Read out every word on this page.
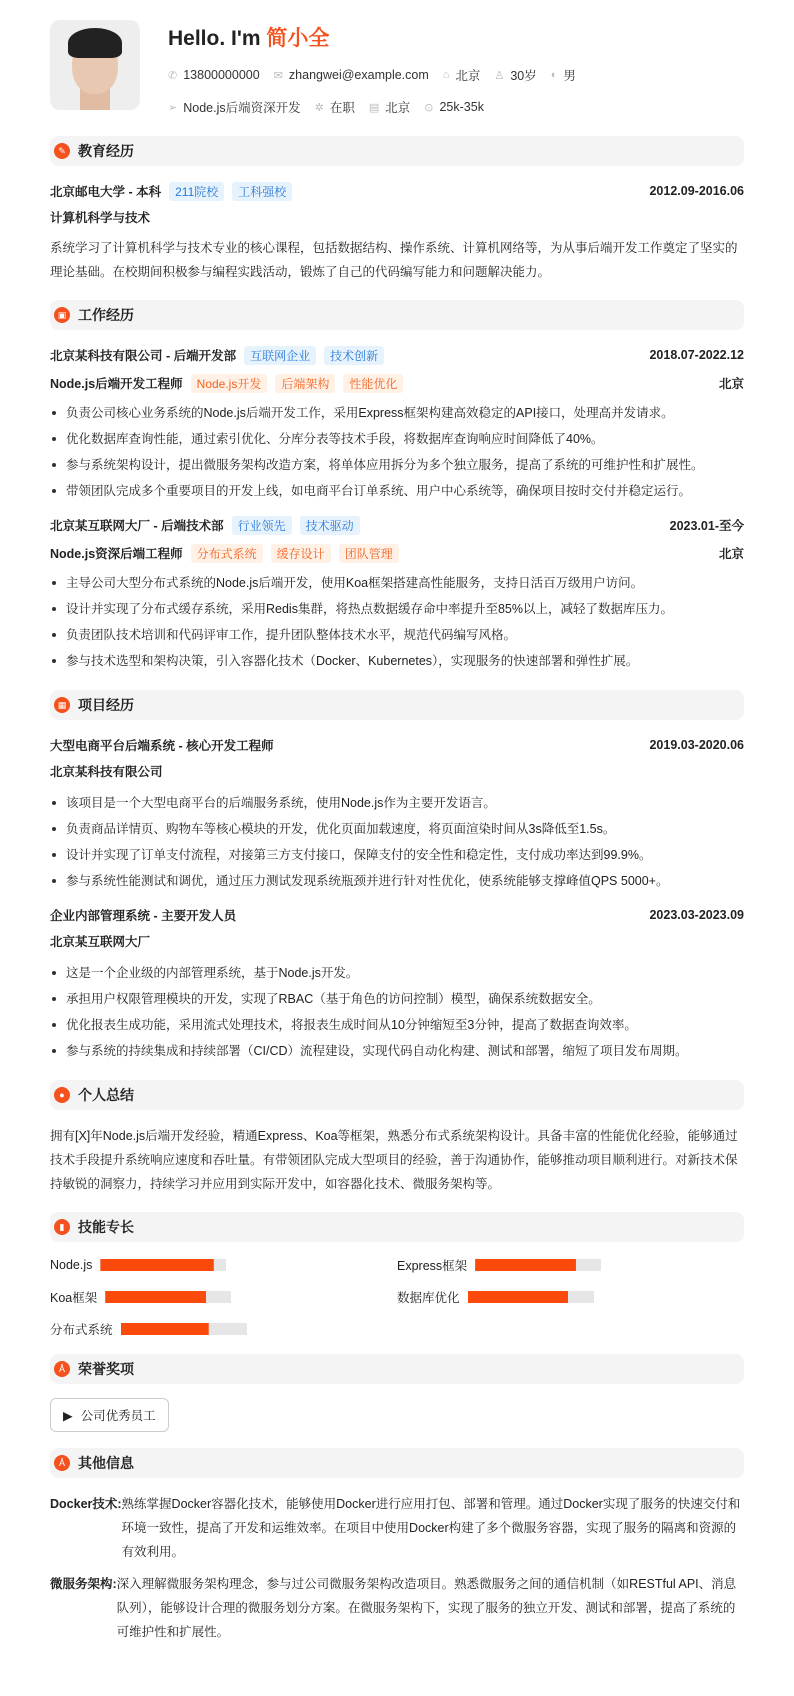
Hello. I'm 简小全
✆ 13800000000 ✉ zhangwei@example.com ⌂ 北京 ♙ 30岁 ◐ 男
➢ Node.js后端资深开发 ✲ 在职 ▤ 北京 ⊙ 25k-35k
✎ 教育经历
北京邮电大学 - 本科	211院校	工科强校	2012.09-2016.06
计算机科学与技术

系统学习了计算机科学与技术专业的核心课程，包括数据结构、操作系统、计算机网络等，为从事后端开发工作奠定了坚实的理论基础。在校期间积极参与编程实践活动，锻炼了自己的代码编写能力和问题解决能力。

▣ 工作经历
北京某科技有限公司 - 后端开发部	互联网企业	技术创新	2018.07-2022.12
Node.js后端开发工程师	Node.js开发	后端架构	性能优化	北京
负责公司核心业务系统的Node.js后端开发工作，采用Express框架构建高效稳定的API接口，处理高并发请求。
优化数据库查询性能，通过索引优化、分库分表等技术手段，将数据库查询响应时间降低了40%。
参与系统架构设计，提出微服务架构改造方案，将单体应用拆分为多个独立服务，提高了系统的可维护性和扩展性。
带领团队完成多个重要项目的开发上线，如电商平台订单系统、用户中心系统等，确保项目按时交付并稳定运行。
北京某互联网大厂 - 后端技术部	行业领先	技术驱动	2023.01-至今
Node.js资深后端工程师	分布式系统	缓存设计	团队管理	北京
主导公司大型分布式系统的Node.js后端开发，使用Koa框架搭建高性能服务，支持日活百万级用户访问。
设计并实现了分布式缓存系统，采用Redis集群，将热点数据缓存命中率提升至85%以上，减轻了数据库压力。
负责团队技术培训和代码评审工作，提升团队整体技术水平，规范代码编写风格。
参与技术选型和架构决策，引入容器化技术（Docker、Kubernetes），实现服务的快速部署和弹性扩展。
▦ 项目经历
大型电商平台后端系统 - 核心开发工程师	2019.03-2020.06
北京某科技有限公司
该项目是一个大型电商平台的后端服务系统，使用Node.js作为主要开发语言。
负责商品详情页、购物车等核心模块的开发，优化页面加载速度，将页面渲染时间从3s降低至1.5s。
设计并实现了订单支付流程，对接第三方支付接口，保障支付的安全性和稳定性，支付成功率达到99.9%。
参与系统性能测试和调优，通过压力测试发现系统瓶颈并进行针对性优化，使系统能够支撑峰值QPS 5000+。
企业内部管理系统 - 主要开发人员	2023.03-2023.09
北京某互联网大厂
这是一个企业级的内部管理系统，基于Node.js开发。
承担用户权限管理模块的开发，实现了RBAC（基于角色的访问控制）模型，确保系统数据安全。
优化报表生成功能，采用流式处理技术，将报表生成时间从10分钟缩短至3分钟，提高了数据查询效率。
参与系统的持续集成和持续部署（CI/CD）流程建设，实现代码自动化构建、测试和部署，缩短了项目发布周期。
● 个人总结

拥有[X]年Node.js后端开发经验，精通Express、Koa等框架，熟悉分布式系统架构设计。具备丰富的性能优化经验，能够通过技术手段提升系统响应速度和吞吐量。有带领团队完成大型项目的经验，善于沟通协作，能够推动项目顺利进行。对新技术保持敏锐的洞察力，持续学习并应用到实际开发中，如容器化技术、微服务架构等。

▮ 技能专长
Node.js	Express框架
Koa框架	数据库优化
分布式系统
Å 荣誉奖项
▶ 公司优秀员工
Å 其他信息
Docker技术: 熟练掌握Docker容器化技术，能够使用Docker进行应用打包、部署和管理。通过Docker实现了服务的快速交付和环境一致性，提高了开发和运维效率。在项目中使用Docker构建了多个微服务容器，实现了服务的隔离和资源的有效利用。
微服务架构: 深入理解微服务架构理念，参与过公司微服务架构改造项目。熟悉微服务之间的通信机制（如RESTful API、消息队列），能够设计合理的微服务划分方案。在微服务架构下，实现了服务的独立开发、测试和部署，提高了系统的可维护性和扩展性。
